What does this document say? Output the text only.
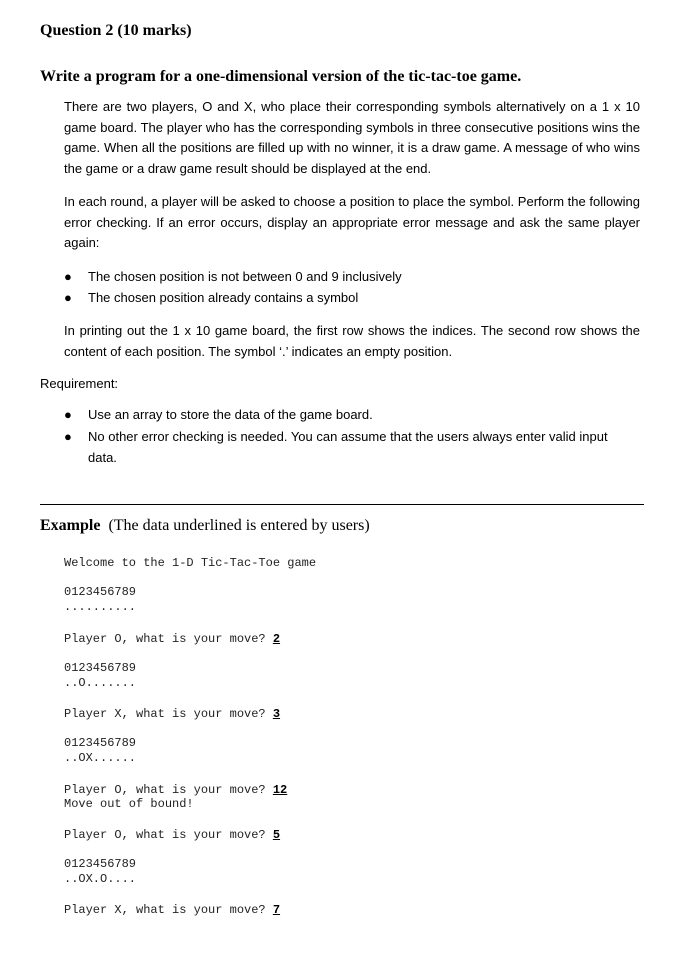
Question 2 (10 marks)
Write a program for a one-dimensional version of the tic-tac-toe game.
There are two players, O and X, who place their corresponding symbols alternatively on a 1 x 10 game board. The player who has the corresponding symbols in three consecutive positions wins the game. When all the positions are filled up with no winner, it is a draw game. A message of who wins the game or a draw game result should be displayed at the end.
In each round, a player will be asked to choose a position to place the symbol. Perform the following error checking. If an error occurs, display an appropriate error message and ask the same player again:
● The chosen position is not between 0 and 9 inclusively
● The chosen position already contains a symbol
In printing out the 1 x 10 game board, the first row shows the indices. The second row shows the content of each position. The symbol ‘.’ indicates an empty position.
Requirement:
● Use an array to store the data of the game board.
● No other error checking is needed. You can assume that the users always enter valid input data.
Example (The data underlined is entered by users)
Welcome to the 1-D Tic-Tac-Toe game
0123456789
..........
Player O, what is your move? 2
0123456789
..O.......
Player X, what is your move? 3
0123456789
..OX......
Player O, what is your move? 12
Move out of bound!
Player O, what is your move? 5
0123456789
..OX.O....
Player X, what is your move? 7
